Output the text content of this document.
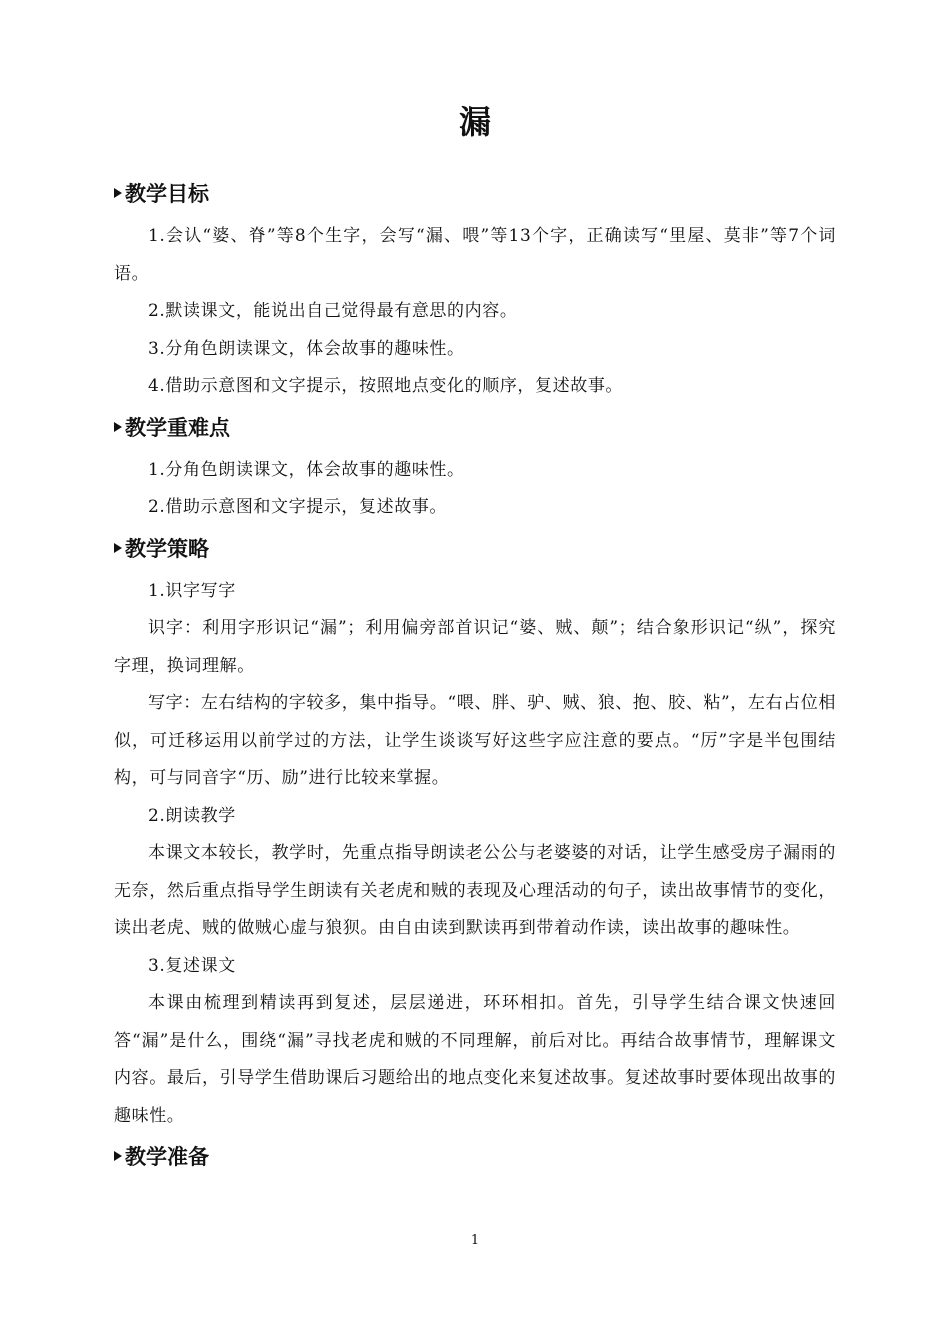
漏
教学目标

1.会认“婆、脊”等8个生字，会写“漏、喂”等13个字，正确读写“里屋、莫非”等7个词语。

2.默读课文，能说出自己觉得最有意思的内容。

3.分角色朗读课文，体会故事的趣味性。

4.借助示意图和文字提示，按照地点变化的顺序，复述故事。

教学重难点

1.分角色朗读课文，体会故事的趣味性。

2.借助示意图和文字提示，复述故事。

教学策略

1.识字写字

识字：利用字形识记“漏”；利用偏旁部首识记“婆、贼、颠”；结合象形识记“纵”，探究字理，换词理解。

写字：左右结构的字较多，集中指导。“喂、胖、驴、贼、狼、抱、胶、粘”，左右占位相似，可迁移运用以前学过的方法，让学生谈谈写好这些字应注意的要点。“厉”字是半包围结构，可与同音字“历、励”进行比较来掌握。

2.朗读教学

本课文本较长，教学时，先重点指导朗读老公公与老婆婆的对话，让学生感受房子漏雨的无奈，然后重点指导学生朗读有关老虎和贼的表现及心理活动的句子，读出故事情节的变化，读出老虎、贼的做贼心虚与狼狈。由自由读到默读再到带着动作读，读出故事的趣味性。

3.复述课文

本课由梳理到精读再到复述，层层递进，环环相扣。首先，引导学生结合课文快速回答“漏”是什么，围绕“漏”寻找老虎和贼的不同理解，前后对比。再结合故事情节，理解课文内容。最后，引导学生借助课后习题给出的地点变化来复述故事。复述故事时要体现出故事的趣味性。

教学准备
1
